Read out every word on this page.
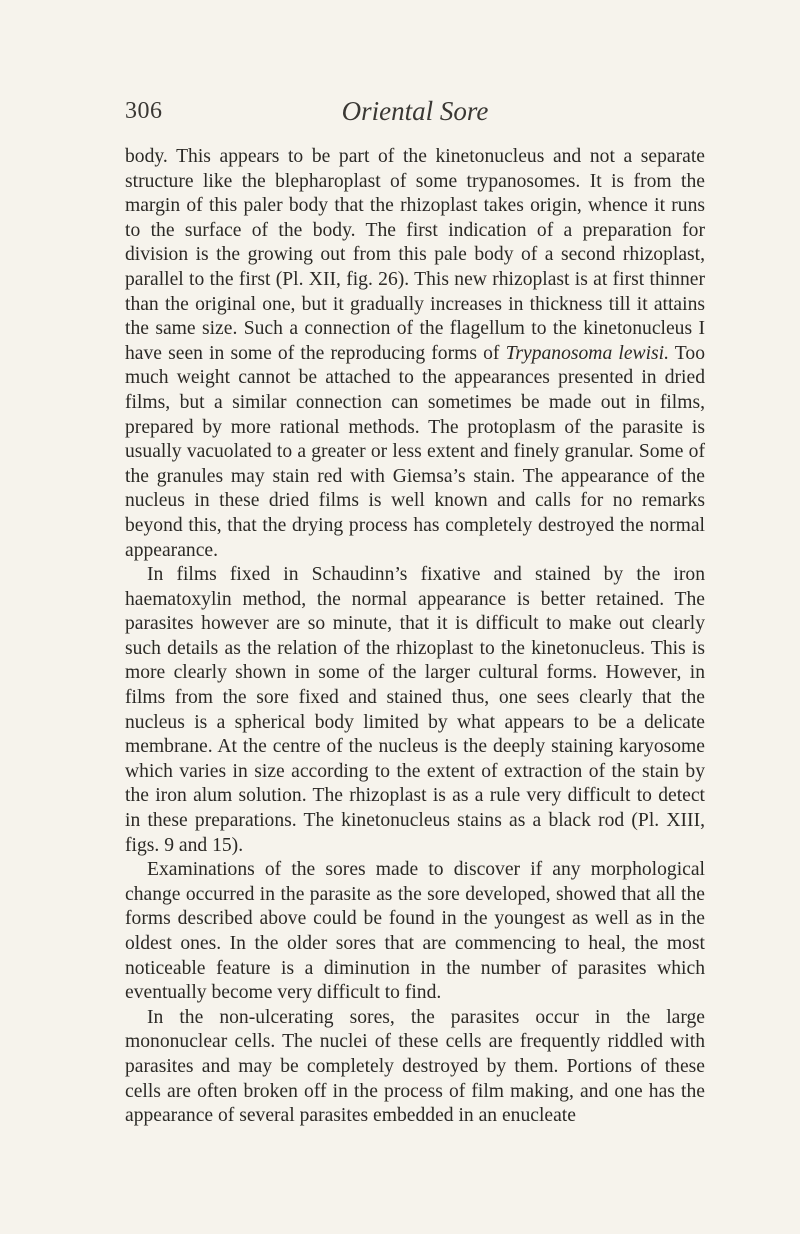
306	Oriental Sore

body. This appears to be part of the kinetonucleus and not a separate structure like the blepharoplast of some trypanosomes. It is from the margin of this paler body that the rhizoplast takes origin, whence it runs to the surface of the body. The first indication of a preparation for division is the growing out from this pale body of a second rhizoplast, parallel to the first (Pl. XII, fig. 26). This new rhizoplast is at first thinner than the original one, but it gradually increases in thickness till it attains the same size. Such a connection of the flagellum to the kinetonucleus I have seen in some of the reproducing forms of Trypanosoma lewisi. Too much weight cannot be attached to the appearances presented in dried films, but a similar connection can sometimes be made out in films, prepared by more rational methods. The protoplasm of the parasite is usually vacuolated to a greater or less extent and finely granular. Some of the granules may stain red with Giemsa’s stain. The appearance of the nucleus in these dried films is well known and calls for no remarks beyond this, that the drying process has completely destroyed the normal appearance.

In films fixed in Schaudinn’s fixative and stained by the iron haematoxylin method, the normal appearance is better retained. The parasites however are so minute, that it is difficult to make out clearly such details as the relation of the rhizoplast to the kinetonucleus. This is more clearly shown in some of the larger cultural forms. However, in films from the sore fixed and stained thus, one sees clearly that the nucleus is a spherical body limited by what appears to be a delicate membrane. At the centre of the nucleus is the deeply staining karyosome which varies in size according to the extent of extraction of the stain by the iron alum solution. The rhizoplast is as a rule very difficult to detect in these preparations. The kinetonucleus stains as a black rod (Pl. XIII, figs. 9 and 15).

Examinations of the sores made to discover if any morphological change occurred in the parasite as the sore developed, showed that all the forms described above could be found in the youngest as well as in the oldest ones. In the older sores that are commencing to heal, the most noticeable feature is a diminution in the number of parasites which eventually become very difficult to find.

In the non-ulcerating sores, the parasites occur in the large mononuclear cells. The nuclei of these cells are frequently riddled with parasites and may be completely destroyed by them. Portions of these cells are often broken off in the process of film making, and one has the appearance of several parasites embedded in an enucleate
